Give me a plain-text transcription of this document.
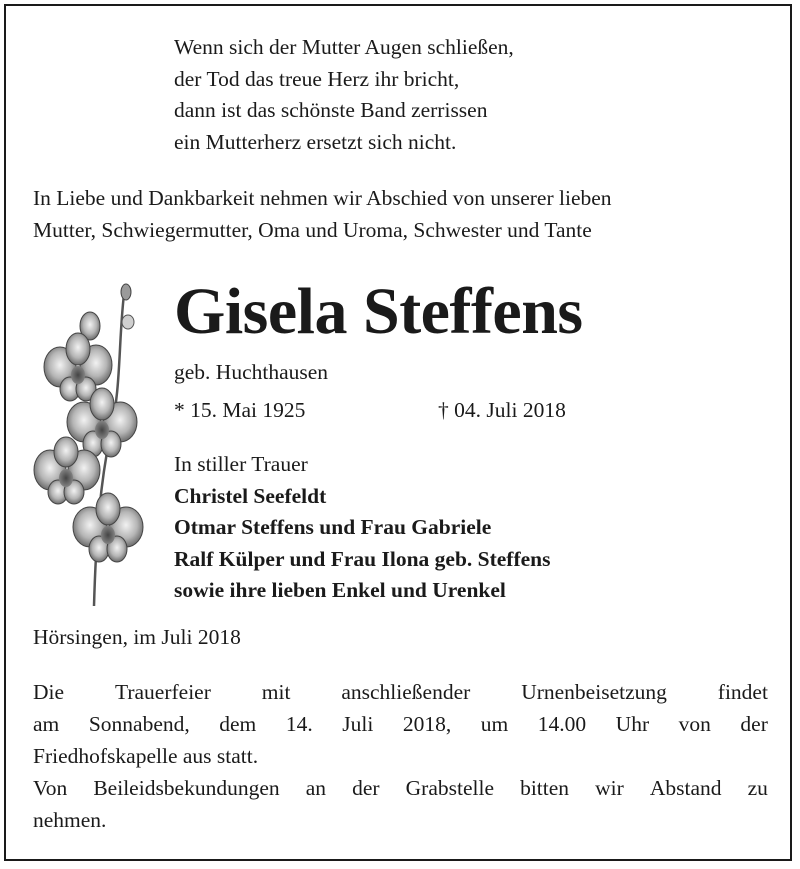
Wenn sich der Mutter Augen schließen,
der Tod das treue Herz ihr bricht,
dann ist das schönste Band zerrissen
ein Mutterherz ersetzt sich nicht.
In Liebe und Dankbarkeit nehmen wir Abschied von unserer lieben
Mutter, Schwiegermutter, Oma und Uroma, Schwester und Tante
Gisela Steffens
geb. Huchthausen
* 15. Mai 1925	† 04. Juli 2018
In stiller Trauer
Christel Seefeldt
Otmar Steffens und Frau Gabriele
Ralf Külper und Frau Ilona geb. Steffens
sowie ihre lieben Enkel und Urenkel
Hörsingen, im Juli 2018
Die Trauerfeier mit anschließender Urnenbeisetzung findet
am Sonnabend, dem 14. Juli 2018, um 14.00 Uhr von der
Friedhofskapelle aus statt.
Von Beileidsbekundungen an der Grabstelle bitten wir Abstand zu
nehmen.
